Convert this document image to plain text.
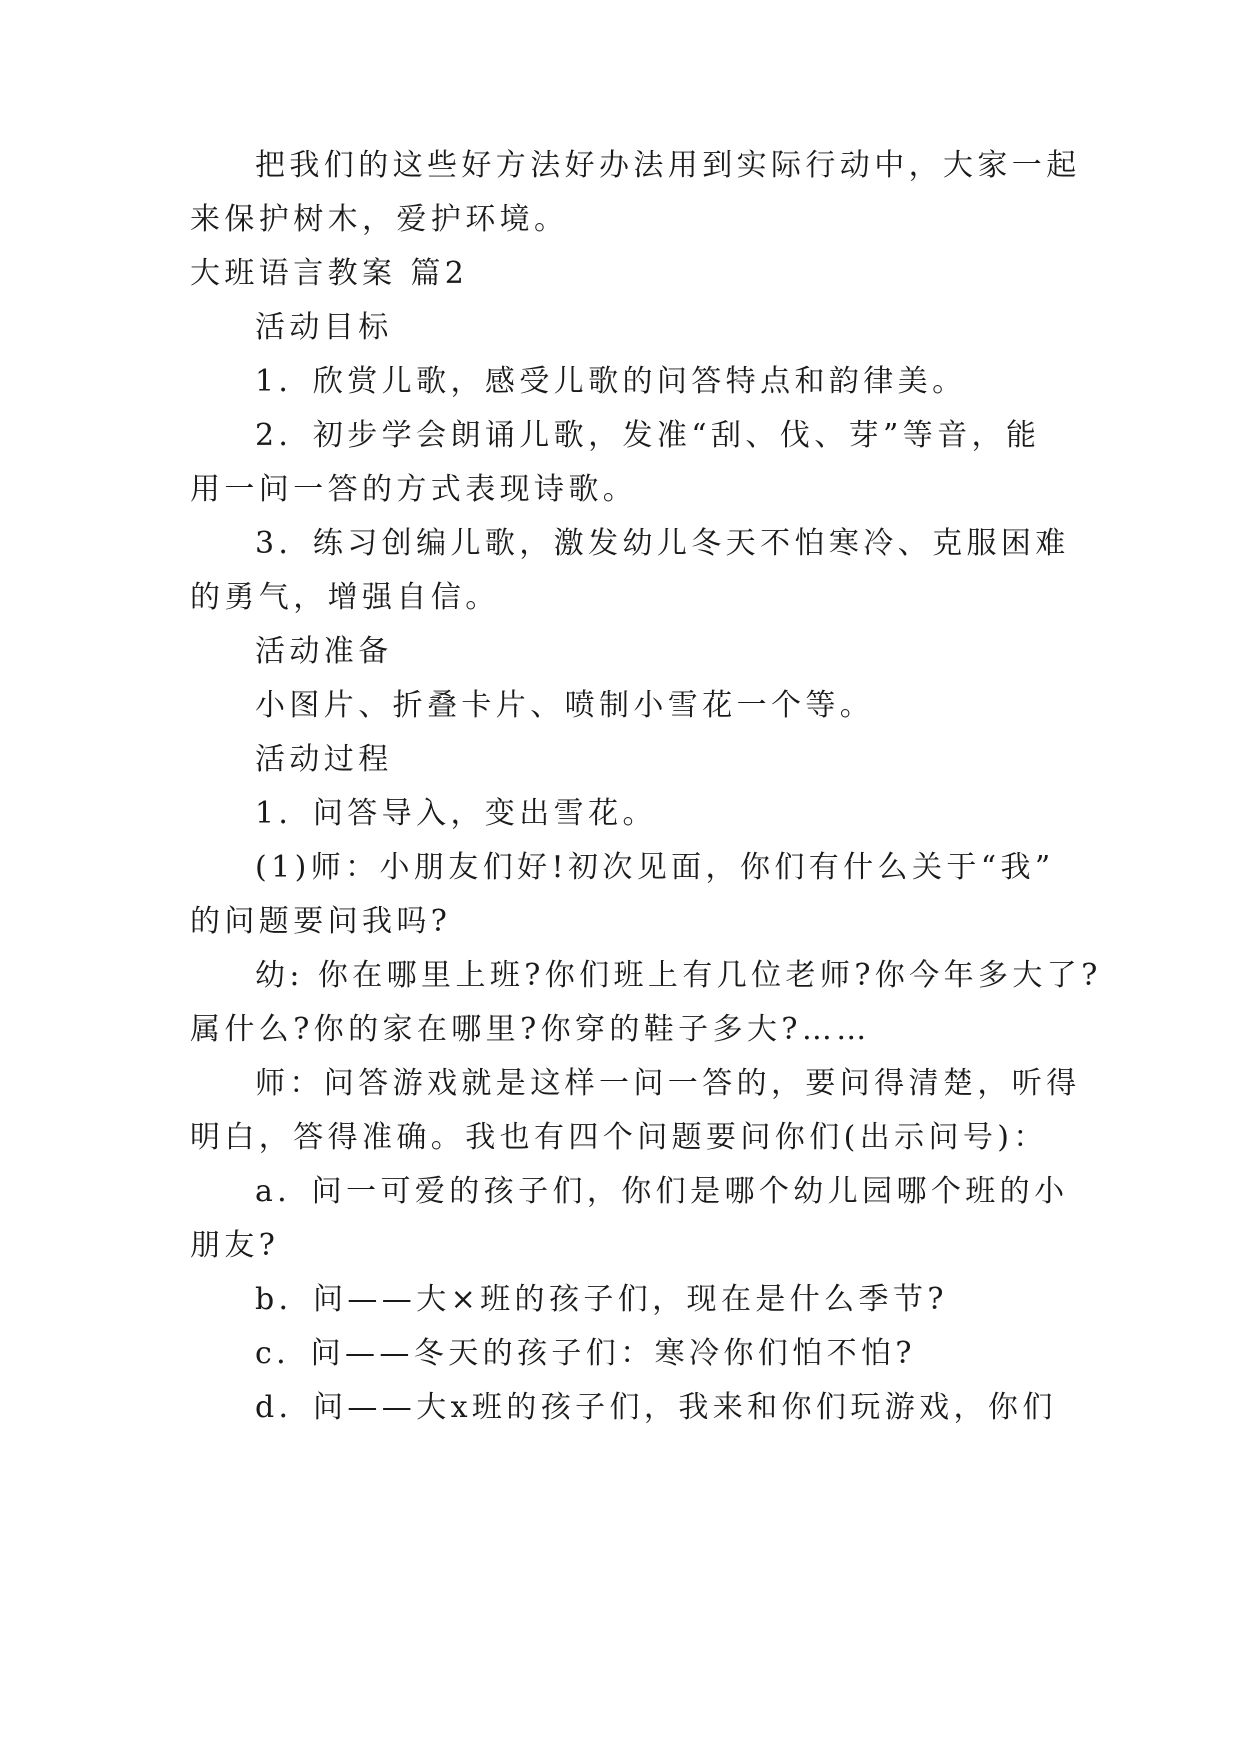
把我们的这些好方法好办法用到实际行动中，大家一起
来保护树木，爱护环境。
大班语言教案 篇2
活动目标
1．欣赏儿歌，感受儿歌的问答特点和韵律美。
2．初步学会朗诵儿歌，发准“刮、伐、芽”等音，能
用一问一答的方式表现诗歌。
3．练习创编儿歌，激发幼儿冬天不怕寒冷、克服困难
的勇气，增强自信。
活动准备
小图片、折叠卡片、喷制小雪花一个等。
活动过程
1．问答导入，变出雪花。
(1)师：小朋友们好!初次见面，你们有什么关于“我”
的问题要问我吗?
幼: 你在哪里上班?你们班上有几位老师?你今年多大了?
属什么?你的家在哪里?你穿的鞋子多大?……
师：问答游戏就是这样一问一答的，要问得清楚，听得
明白，答得准确。我也有四个问题要问你们(出示问号)：
a．问一可爱的孩子们，你们是哪个幼儿园哪个班的小
朋友?
b．问——大×班的孩子们，现在是什么季节?
c．问——冬天的孩子们：寒冷你们怕不怕?
d．问——大x班的孩子们，我来和你们玩游戏，你们
